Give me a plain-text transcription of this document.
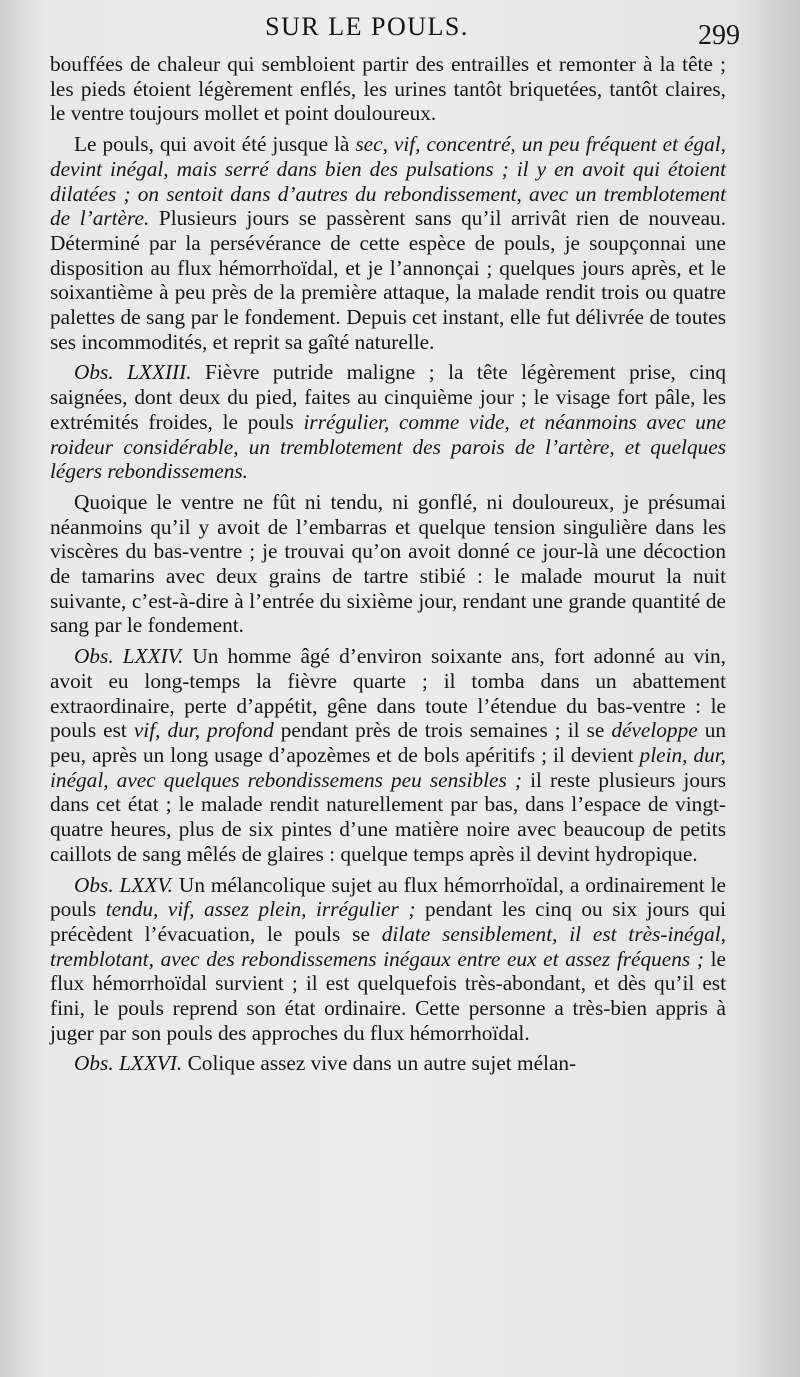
SUR LE POULS.	299

bouffées de chaleur qui sembloient partir des entrailles et remonter à la tête ; les pieds étoient légèrement enflés, les urines tantôt briquetées, tantôt claires, le ventre toujours mollet et point douloureux.

Le pouls, qui avoit été jusque là sec, vif, concentré, un peu fréquent et égal, devint inégal, mais serré dans bien des pulsations ; il y en avoit qui étoient dilatées ; on sentoit dans d’autres du rebondissement, avec un tremblotement de l’artère. Plusieurs jours se passèrent sans qu’il arrivât rien de nouveau. Déterminé par la persévérance de cette espèce de pouls, je soupçonnai une disposition au flux hémorrhoïdal, et je l’annonçai ; quelques jours après, et le soixantième à peu près de la première attaque, la malade rendit trois ou quatre palettes de sang par le fondement. Depuis cet instant, elle fut délivrée de toutes ses incommodités, et reprit sa gaîté naturelle.

Obs. LXXIII. Fièvre putride maligne ; la tête légèrement prise, cinq saignées, dont deux du pied, faites au cinquième jour ; le visage fort pâle, les extrémités froides, le pouls irrégulier, comme vide, et néanmoins avec une roideur considérable, un tremblotement des parois de l’artère, et quelques légers rebondissemens.

Quoique le ventre ne fût ni tendu, ni gonflé, ni douloureux, je présumai néanmoins qu’il y avoit de l’embarras et quelque tension singulière dans les viscères du bas-ventre ; je trouvai qu’on avoit donné ce jour-là une décoction de tamarins avec deux grains de tartre stibié : le malade mourut la nuit suivante, c’est-à-dire à l’entrée du sixième jour, rendant une grande quantité de sang par le fondement.

Obs. LXXIV. Un homme âgé d’environ soixante ans, fort adonné au vin, avoit eu long-temps la fièvre quarte ; il tomba dans un abattement extraordinaire, perte d’appétit, gêne dans toute l’étendue du bas-ventre : le pouls est vif, dur, profond pendant près de trois semaines ; il se développe un peu, après un long usage d’apozèmes et de bols apéritifs ; il devient plein, dur, inégal, avec quelques rebondissemens peu sensibles ; il reste plusieurs jours dans cet état ; le malade rendit naturellement par bas, dans l’espace de vingt-quatre heures, plus de six pintes d’une matière noire avec beaucoup de petits caillots de sang mêlés de glaires : quelque temps après il devint hydropique.

Obs. LXXV. Un mélancolique sujet au flux hémorrhoïdal, a ordinairement le pouls tendu, vif, assez plein, irrégulier ; pendant les cinq ou six jours qui précèdent l’évacuation, le pouls se dilate sensiblement, il est très-inégal, tremblotant, avec des rebondissemens inégaux entre eux et assez fréquens ; le flux hémorrhoïdal survient ; il est quelquefois très-abondant, et dès qu’il est fini, le pouls reprend son état ordinaire. Cette personne a très-bien appris à juger par son pouls des approches du flux hémorrhoïdal.

Obs. LXXVI. Colique assez vive dans un autre sujet mélan-
